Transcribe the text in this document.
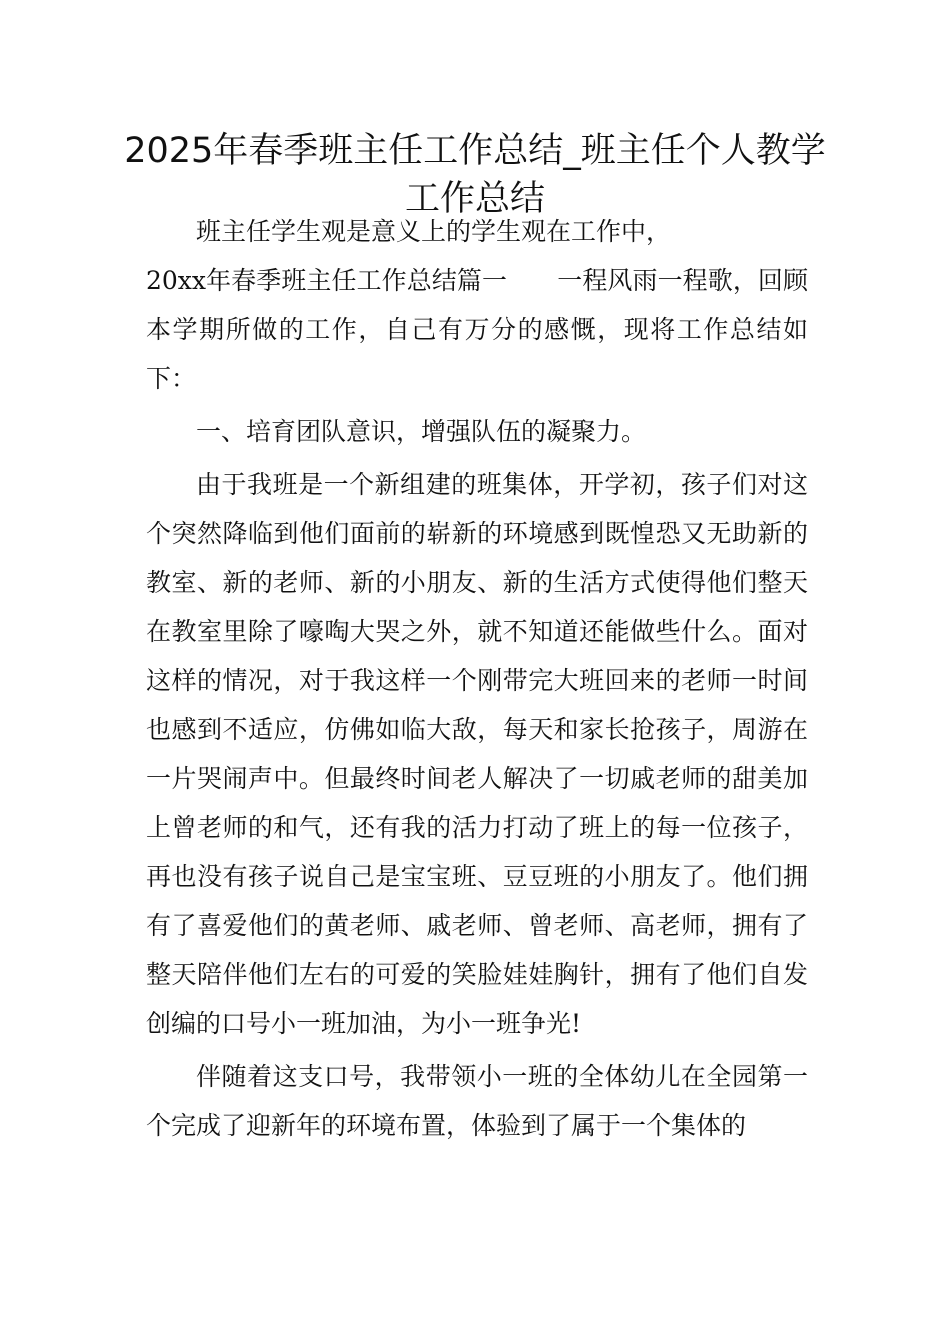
2025年春季班主任工作总结_班主任个人教学工作总结

班主任学生观是意义上的学生观在工作中，

20xx年春季班主任工作总结篇一　　一程风雨一程歌，回顾本学期所做的工作，自己有万分的感慨，现将工作总结如下：

一、培育团队意识，增强队伍的凝聚力。

由于我班是一个新组建的班集体，开学初，孩子们对这个突然降临到他们面前的崭新的环境感到既惶恐又无助新的教室、新的老师、新的小朋友、新的生活方式使得他们整天在教室里除了嚎啕大哭之外，就不知道还能做些什么。面对这样的情况，对于我这样一个刚带完大班回来的老师一时间也感到不适应，仿佛如临大敌，每天和家长抢孩子，周游在一片哭闹声中。但最终时间老人解决了一切戚老师的甜美加上曾老师的和气，还有我的活力打动了班上的每一位孩子，再也没有孩子说自己是宝宝班、豆豆班的小朋友了。他们拥有了喜爱他们的黄老师、戚老师、曾老师、高老师，拥有了整天陪伴他们左右的可爱的笑脸娃娃胸针，拥有了他们自发创编的口号小一班加油，为小一班争光!

伴随着这支口号，我带领小一班的全体幼儿在全园第一个完成了迎新年的环境布置，体验到了属于一个集体的
